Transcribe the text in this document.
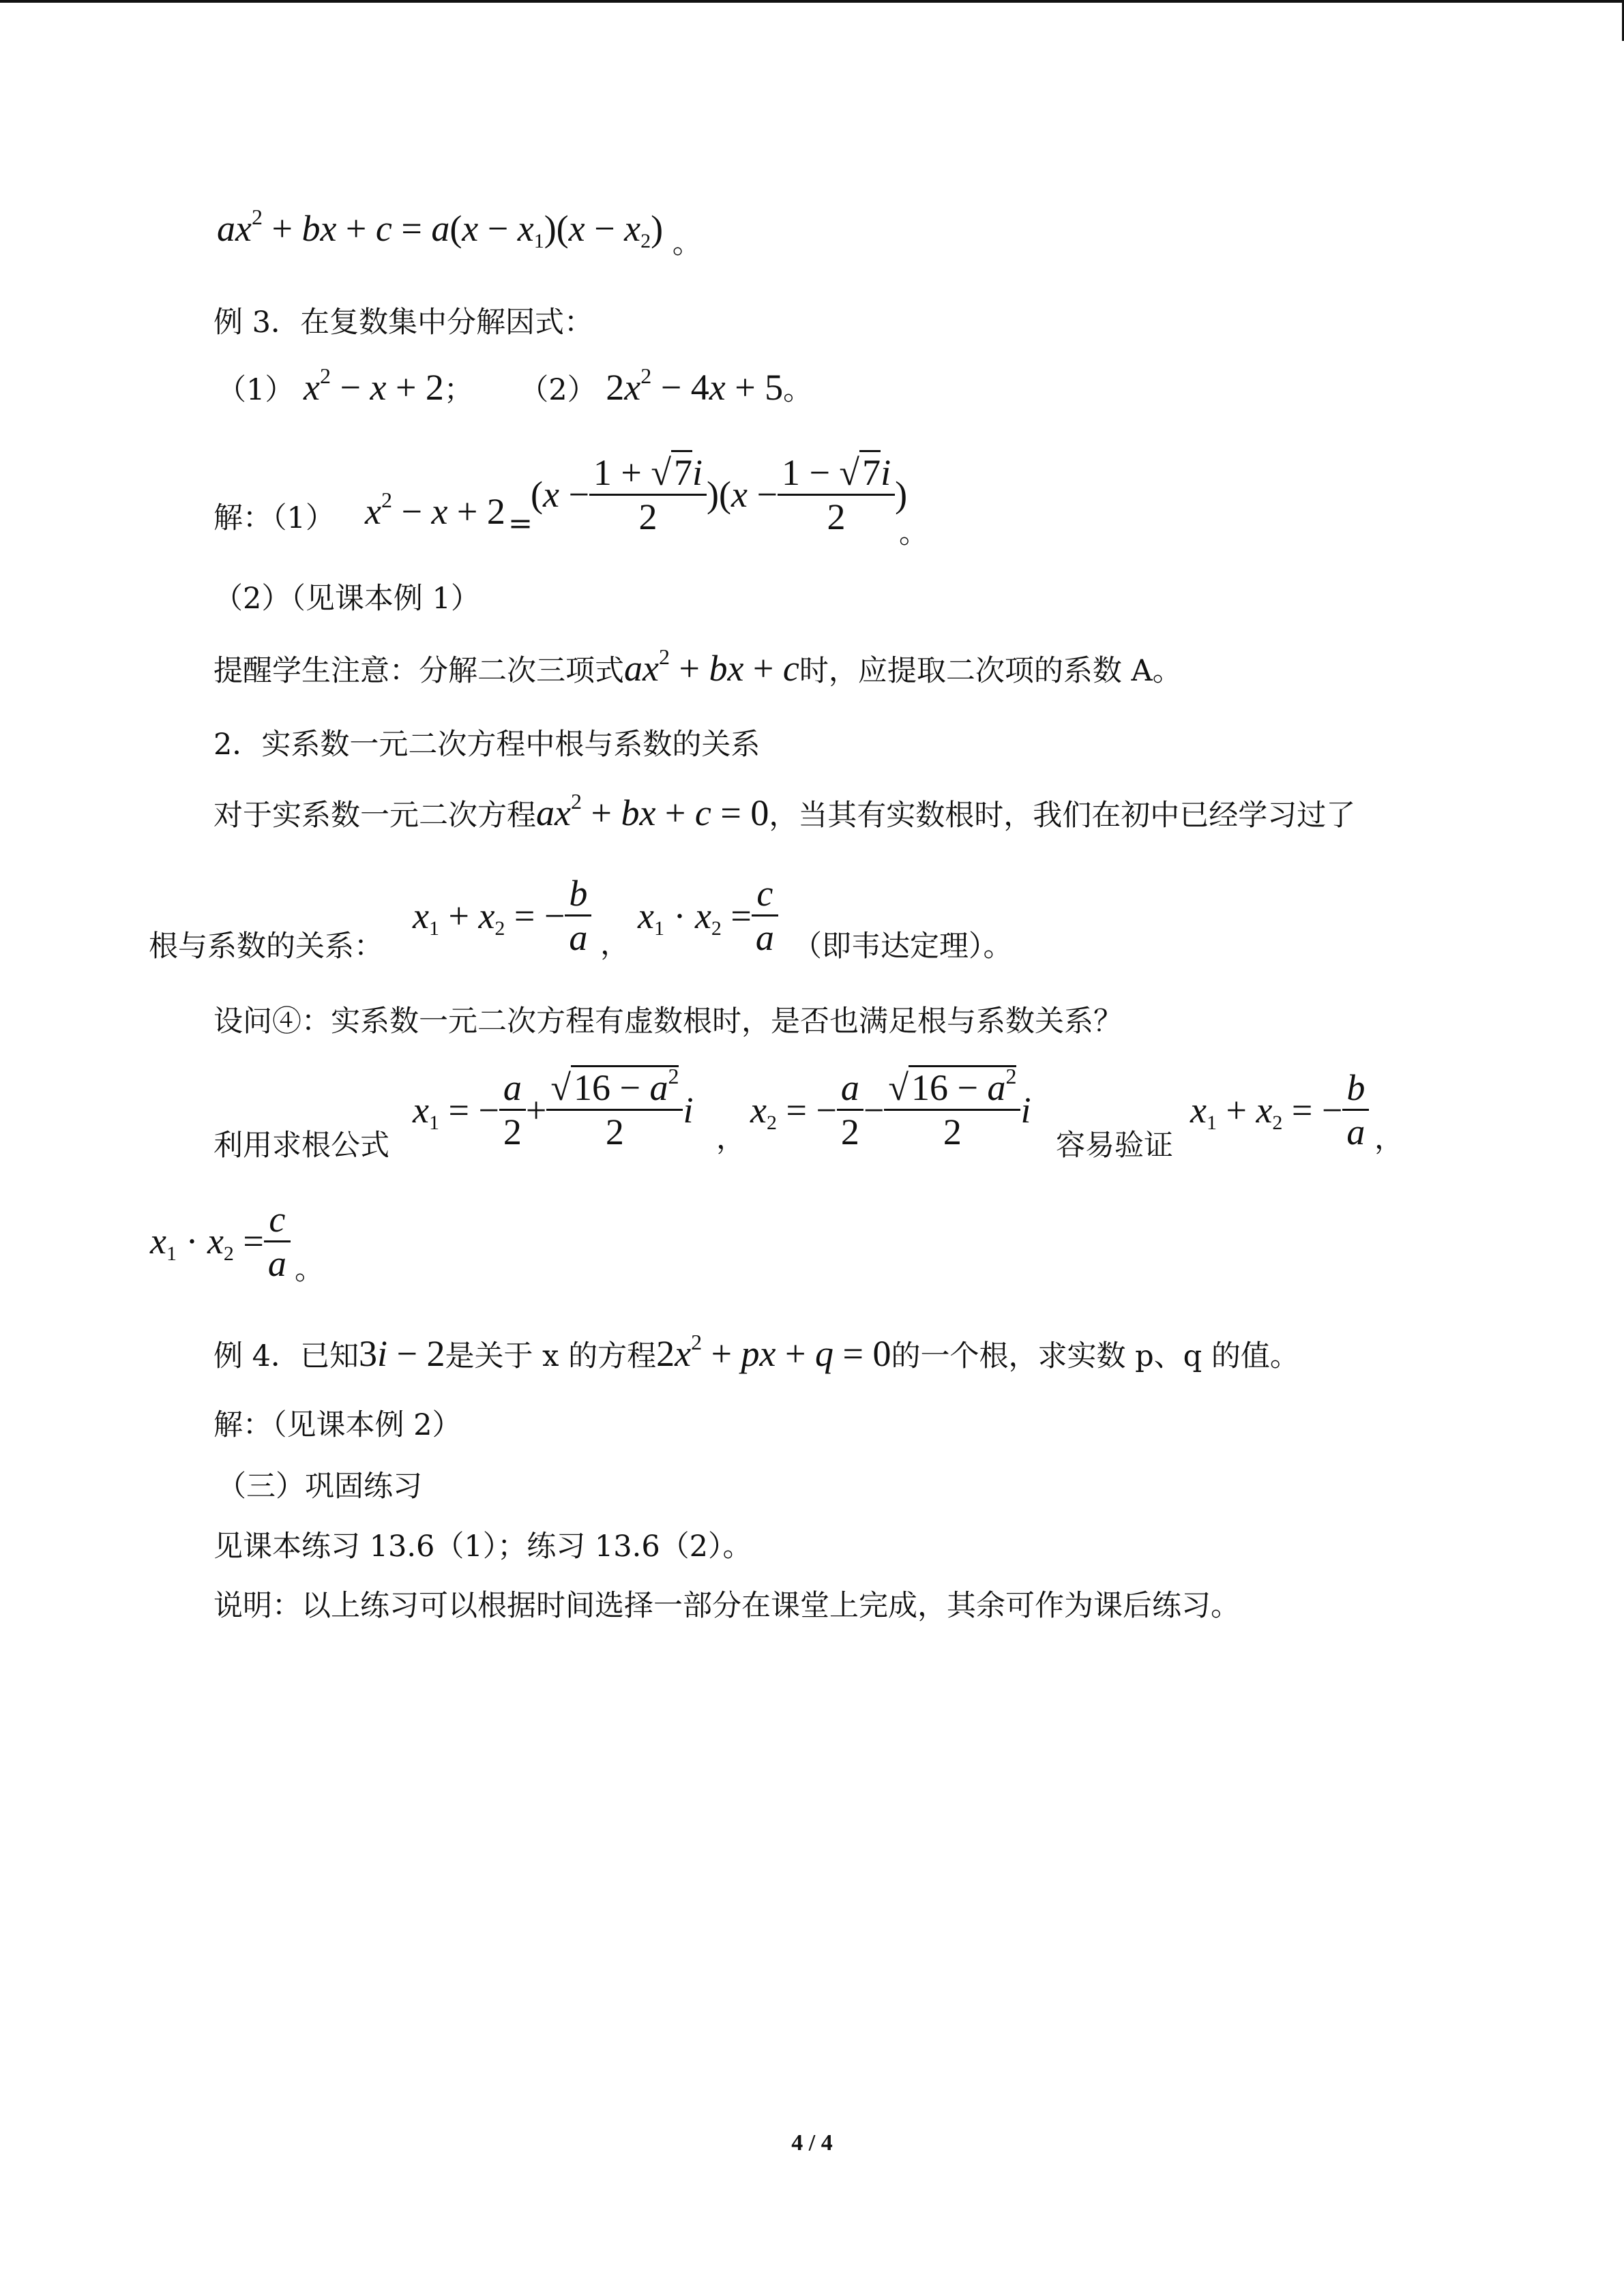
$ax^2$ + bx + c = a(x − x1)(x − x2) 。
例 3．在复数集中分解因式：
（1） $x^2 - x + 2$； （2） $2x^2 - 4x + 5$。
解：（1） $x^2 - x + 2$ =
$(x - \frac{1 + √7i}{2} )(x - \frac{1 - √7i}{2}$ )
。
（2）（见课本例 1）
提醒学生注意：分解二次三项式$ax^2$ + bx + c时，应提取二次项的系数 A。
2．实系数一元二次方程中根与系数的关系
对于实系数一元二次方程$ax^2$ + bx + c = 0，当其有实数根时，我们在初中已经学习过了
根与系数的关系：
x1 + x2 = − $\frac{b}{a}$ ，
$x1 \cdot x2 = \frac{c}{a}$ （即韦达定理）。
设问④：实系数一元二次方程有虚数根时，是否也满足根与系数关系？
利用求根公式
x1 = − $\frac{a}{2} + \frac{√16 - a^2}{2}$ i
，
x2 = − $\frac{a}{2} - \frac{√16 - a^2}{2}$ i
容易验证
x1 + x2 = − $\frac{b}{a}$ ，
$x1 \cdot x2 = \frac{c}{a}$ 。
例 4．已知3i − 2是关于 x 的方程$2x^2$ + px + q = 0的一个根，求实数 p、q 的值。
解：（见课本例 2）
（三）巩固练习
见课本练习 13.6（1）；练习 13.6（2）。
说明：以上练习可以根据时间选择一部分在课堂上完成，其余可作为课后练习。
4 / 4
